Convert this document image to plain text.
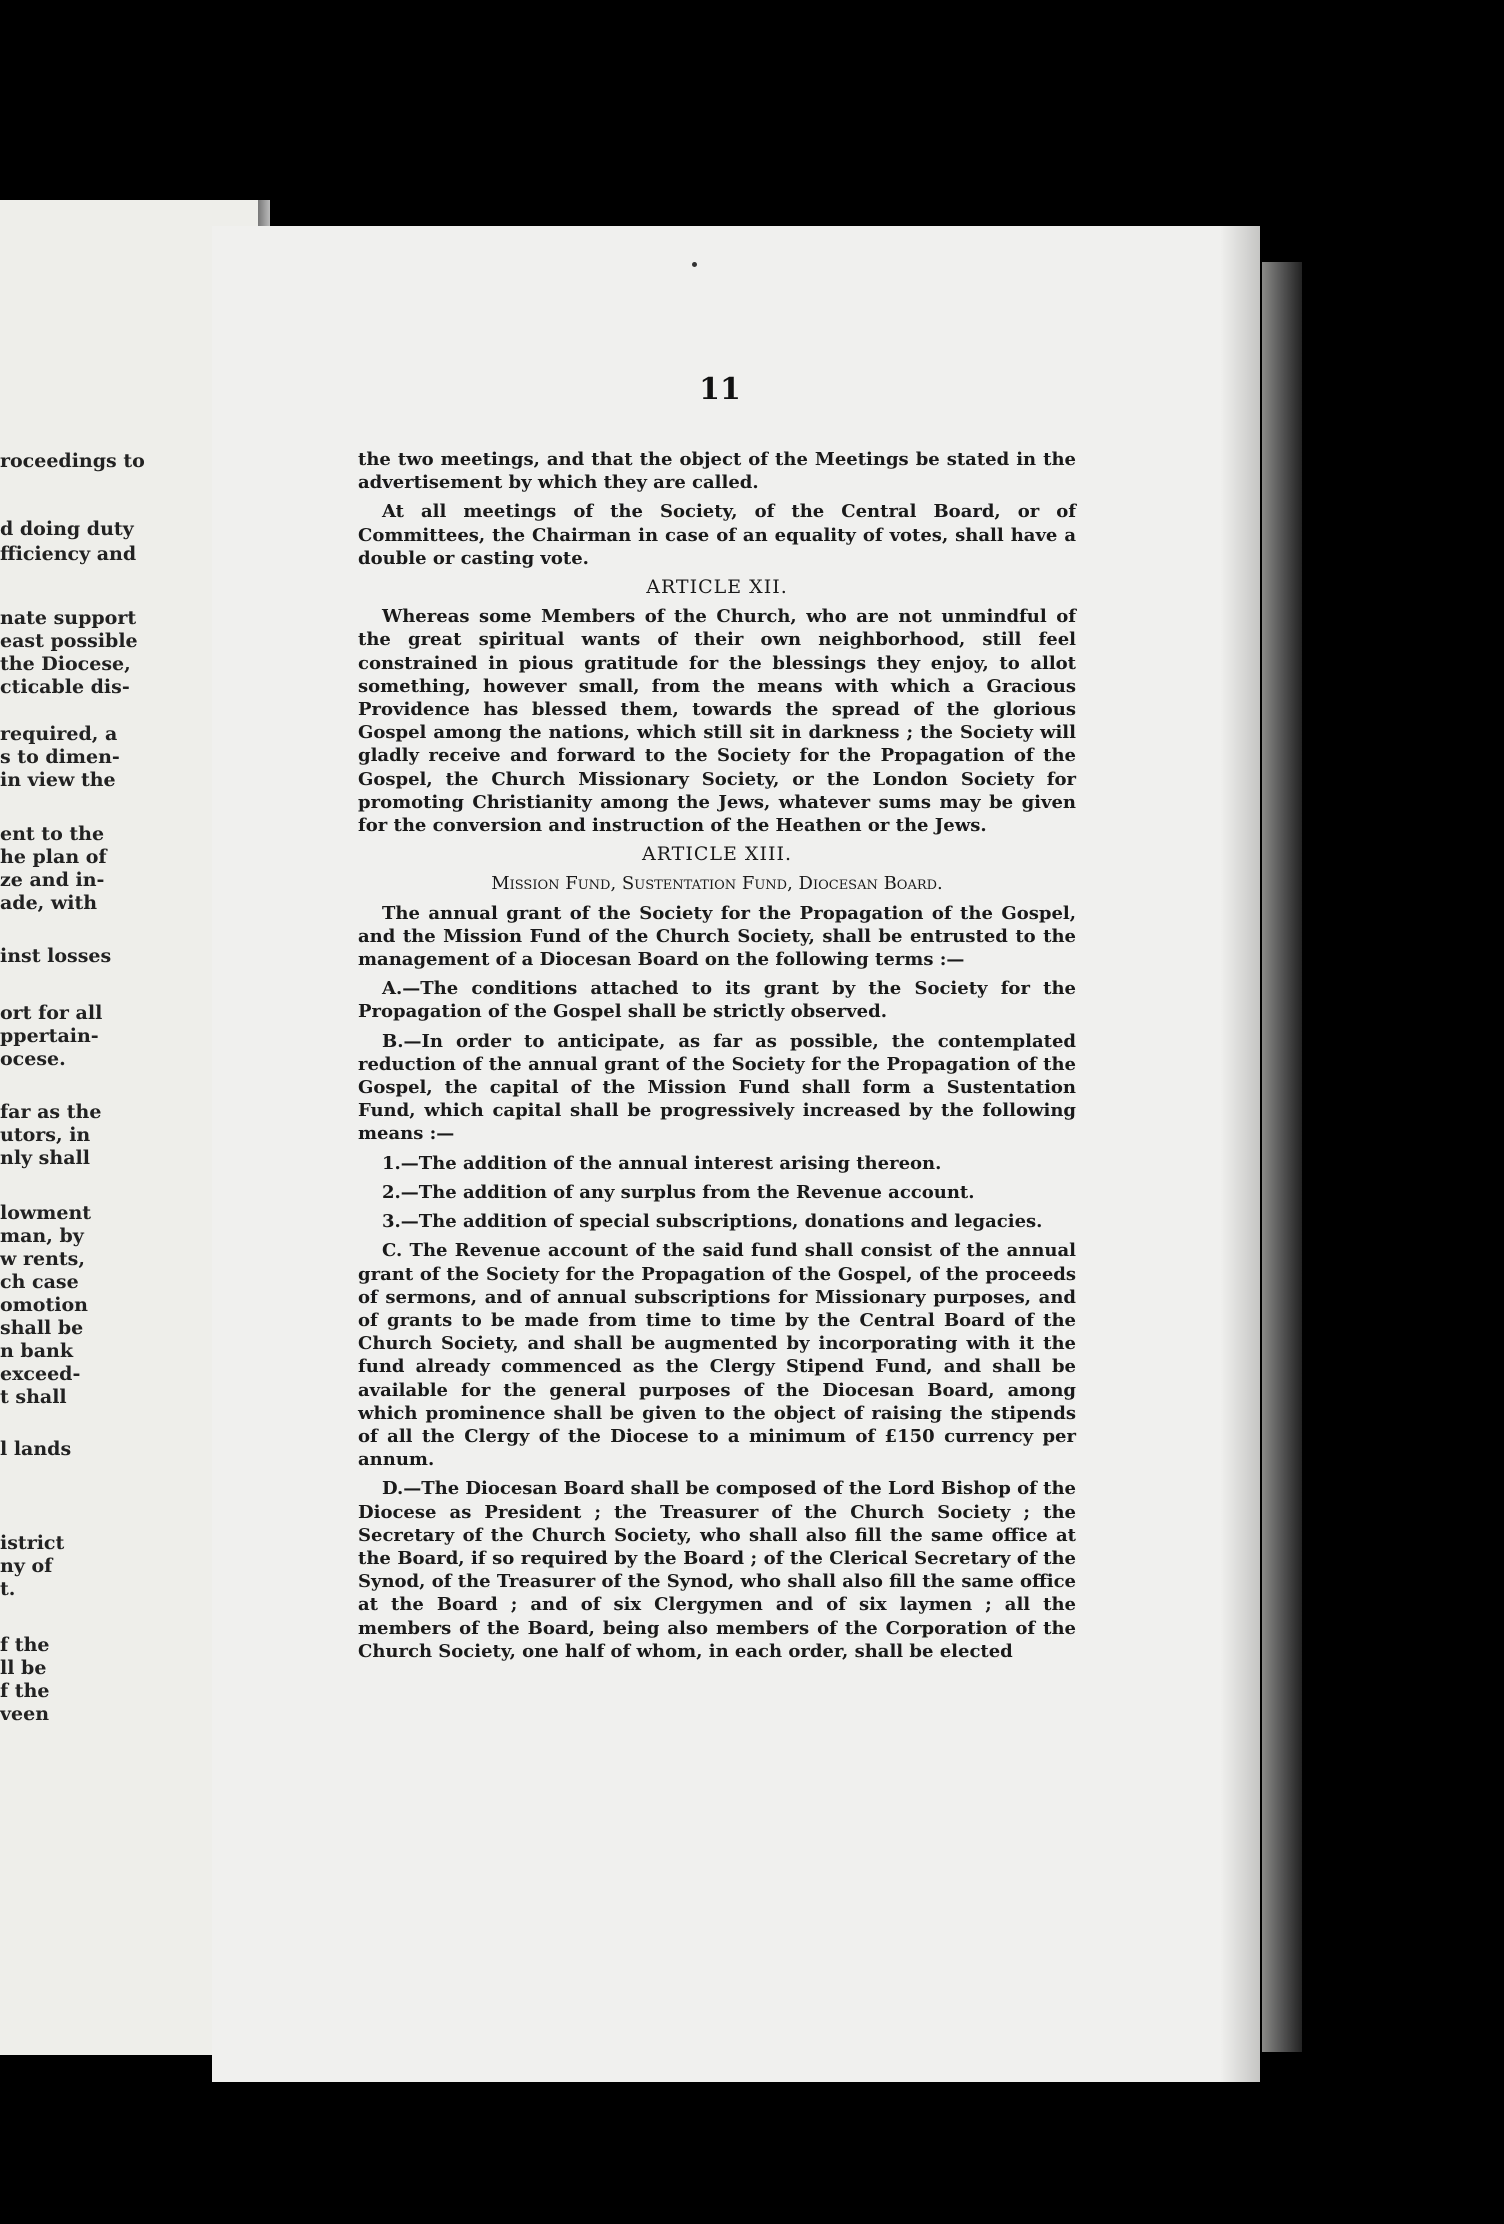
roceedings to
d doing duty
fficiency and
nate support
east possible
the Diocese,
cticable dis-
required, a
s to dimen-
in view the
ent to the
he plan of
ze and in-
ade, with
inst losses
ort for all
ppertain-
ocese.
far as the
utors, in
nly shall
lowment
man, by
w rents,
ch case
omotion
shall be
n bank
exceed-
t shall
l lands
istrict
ny of
t.
f the
ll be
f the
veen
11

the two meetings, and that the object of the Meetings be stated in the advertisement by which they are called.

At all meetings of the Society, of the Central Board, or of Committees, the Chairman in case of an equality of votes, shall have a double or casting vote.

ARTICLE XII.

Whereas some Members of the Church, who are not unmindful of the great spiritual wants of their own neighborhood, still feel constrained in pious gratitude for the blessings they enjoy, to allot something, however small, from the means with which a Gracious Providence has blessed them, towards the spread of the glorious Gospel among the nations, which still sit in darkness ; the Society will gladly receive and forward to the Society for the Propagation of the Gospel, the Church Missionary Society, or the London Society for promoting Christianity among the Jews, whatever sums may be given for the conversion and instruction of the Heathen or the Jews.

ARTICLE XIII.
Mission Fund, Sustentation Fund, Diocesan Board.

The annual grant of the Society for the Propagation of the Gospel, and the Mission Fund of the Church Society, shall be entrusted to the management of a Diocesan Board on the following terms :—

A.—The conditions attached to its grant by the Society for the Propagation of the Gospel shall be strictly observed.

B.—In order to anticipate, as far as possible, the contemplated reduction of the annual grant of the Society for the Propagation of the Gospel, the capital of the Mission Fund shall form a Sustentation Fund, which capital shall be progressively increased by the following means :—

1.—The addition of the annual interest arising thereon.

2.—The addition of any surplus from the Revenue account.

3.—The addition of special subscriptions, donations and legacies.

C. The Revenue account of the said fund shall consist of the annual grant of the Society for the Propagation of the Gospel, of the proceeds of sermons, and of annual subscriptions for Missionary purposes, and of grants to be made from time to time by the Central Board of the Church Society, and shall be augmented by incorporating with it the fund already commenced as the Clergy Stipend Fund, and shall be available for the general purposes of the Diocesan Board, among which prominence shall be given to the object of raising the stipends of all the Clergy of the Diocese to a minimum of £150 currency per annum.

D.—The Diocesan Board shall be composed of the Lord Bishop of the Diocese as President ; the Treasurer of the Church Society ; the Secretary of the Church Society, who shall also fill the same office at the Board, if so required by the Board ; of the Clerical Secretary of the Synod, of the Treasurer of the Synod, who shall also fill the same office at the Board ; and of six Clergymen and of six laymen ; all the members of the Board, being also members of the Corporation of the Church Society, one half of whom, in each order, shall be elected
